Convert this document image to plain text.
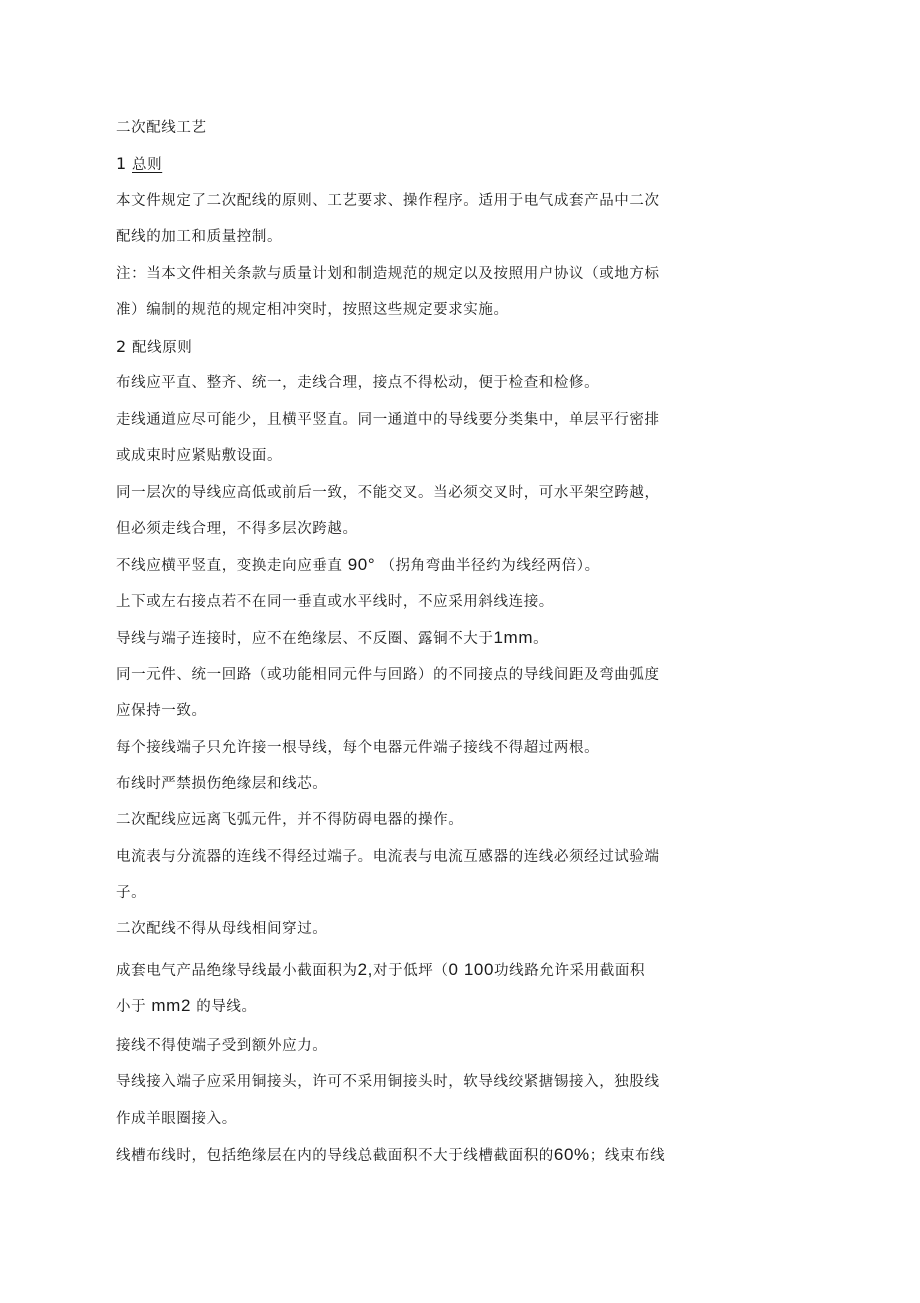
二次配线工艺
1 总则
本文件规定了二次配线的原则、工艺要求、操作程序。适用于电气成套产品中二次
配线的加工和质量控制。
注：当本文件相关条款与质量计划和制造规范的规定以及按照用户协议（或地方标
准）编制的规范的规定相冲突时，按照这些规定要求实施。
2 配线原则
布线应平直、整齐、统一，走线合理，接点不得松动，便于检查和检修。
走线通道应尽可能少，且横平竖直。同一通道中的导线要分类集中，单层平行密排
或成束时应紧贴敷设面。
同一层次的导线应高低或前后一致，不能交叉。当必须交叉时，可水平架空跨越，
但必须走线合理，不得多层次跨越。
不线应横平竖直，变换走向应垂直 90° （拐角弯曲半径约为线经两倍）。
上下或左右接点若不在同一垂直或水平线时，不应采用斜线连接。
导线与端子连接时，应不在绝缘层、不反圈、露铜不大于1mm。
同一元件、统一回路（或功能相同元件与回路）的不同接点的导线间距及弯曲弧度
应保持一致。
每个接线端子只允许接一根导线，每个电器元件端子接线不得超过两根。
布线时严禁损伤绝缘层和线芯。
二次配线应远离飞弧元件，并不得防碍电器的操作。
电流表与分流器的连线不得经过端子。电流表与电流互感器的连线必须经过试验端
子。
二次配线不得从母线相间穿过。
成套电气产品绝缘导线最小截面积为2,对于低坪（0 100功线路允许采用截面积
小于 mm2 的导线。
接线不得使端子受到额外应力。
导线接入端子应采用铜接头，许可不采用铜接头时，软导线绞紧搪锡接入，独股线
作成羊眼圈接入。
线槽布线时，包括绝缘层在内的导线总截面积不大于线槽截面积的60%；线束布线
